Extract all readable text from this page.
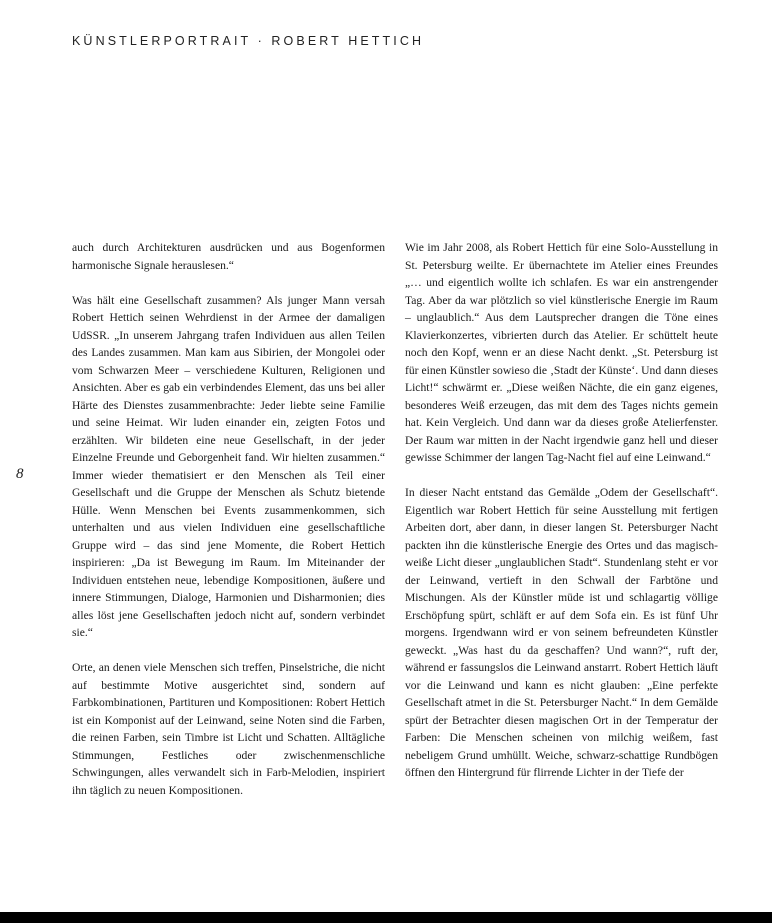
KÜNSTLERPORTRAIT · ROBERT HETTICH
8

auch durch Architekturen ausdrücken und aus Bogenformen harmonische Signale herauslesen.“

Was hält eine Gesellschaft zusammen? Als junger Mann versah Robert Hettich seinen Wehrdienst in der Armee der damaligen UdSSR. „In unserem Jahrgang trafen Individuen aus allen Teilen des Landes zusammen. Man kam aus Sibirien, der Mongolei oder vom Schwarzen Meer – verschiedene Kulturen, Religionen und Ansichten. Aber es gab ein verbindendes Element, das uns bei aller Härte des Dienstes zusammenbrachte: Jeder liebte seine Familie und seine Heimat. Wir luden einander ein, zeigten Fotos und erzählten. Wir bildeten eine neue Gesellschaft, in der jeder Einzelne Freunde und Geborgenheit fand. Wir hielten zusammen.“ Immer wieder thematisiert er den Menschen als Teil einer Gesellschaft und die Gruppe der Menschen als Schutz bietende Hülle. Wenn Menschen bei Events zusammenkommen, sich unterhalten und aus vielen Individuen eine gesellschaftliche Gruppe wird – das sind jene Momente, die Robert Hettich inspirieren: „Da ist Bewegung im Raum. Im Miteinander der Individuen entstehen neue, lebendige Kompositionen, äußere und innere Stimmungen, Dialoge, Harmonien und Disharmonien; dies alles löst jene Gesellschaften jedoch nicht auf, sondern verbindet sie.“

Orte, an denen viele Menschen sich treffen, Pinselstriche, die nicht auf bestimmte Motive ausgerichtet sind, sondern auf Farbkombinationen, Partituren und Kompositionen: Robert Hettich ist ein Komponist auf der Leinwand, seine Noten sind die Farben, die reinen Farben, sein Timbre ist Licht und Schatten. Alltägliche Stimmungen, Festliches oder zwischenmenschliche Schwingungen, alles verwandelt sich in Farb-Melodien, inspiriert ihn täglich zu neuen Kompositionen.

Wie im Jahr 2008, als Robert Hettich für eine Solo-Ausstellung in St. Petersburg weilte. Er übernachtete im Atelier eines Freundes „… und eigentlich wollte ich schlafen. Es war ein anstrengender Tag. Aber da war plötzlich so viel künstlerische Energie im Raum – unglaublich.“ Aus dem Lautsprecher drangen die Töne eines Klavierkonzertes, vibrierten durch das Atelier. Er schüttelt heute noch den Kopf, wenn er an diese Nacht denkt. „St. Petersburg ist für einen Künstler sowieso die ‚Stadt der Künste‘. Und dann dieses Licht!“ schwärmt er. „Diese weißen Nächte, die ein ganz eigenes, besonderes Weiß erzeugen, das mit dem des Tages nichts gemein hat. Kein Vergleich. Und dann war da dieses große Atelierfenster. Der Raum war mitten in der Nacht irgendwie ganz hell und dieser gewisse Schimmer der langen Tag-Nacht fiel auf eine Leinwand.“

In dieser Nacht entstand das Gemälde „Odem der Gesellschaft“. Eigentlich war Robert Hettich für seine Ausstellung mit fertigen Arbeiten dort, aber dann, in dieser langen St. Petersburger Nacht packten ihn die künstlerische Energie des Ortes und das magisch-weiße Licht dieser „unglaublichen Stadt“. Stundenlang steht er vor der Leinwand, vertieft in den Schwall der Farbtöne und Mischungen. Als der Künstler müde ist und schlagartig völlige Erschöpfung spürt, schläft er auf dem Sofa ein. Es ist fünf Uhr morgens. Irgendwann wird er von seinem befreundeten Künstler geweckt. „Was hast du da geschaffen? Und wann?“, ruft der, während er fassungslos die Leinwand anstarrt. Robert Hettich läuft vor die Leinwand und kann es nicht glauben: „Eine perfekte Gesellschaft atmet in die St. Petersburger Nacht.“ In dem Gemälde spürt der Betrachter diesen magischen Ort in der Temperatur der Farben: Die Menschen scheinen von milchig weißem, fast nebeligem Grund umhüllt. Weiche, schwarz-schattige Rundbögen öffnen den Hintergrund für flirrende Lichter in der Tiefe der
